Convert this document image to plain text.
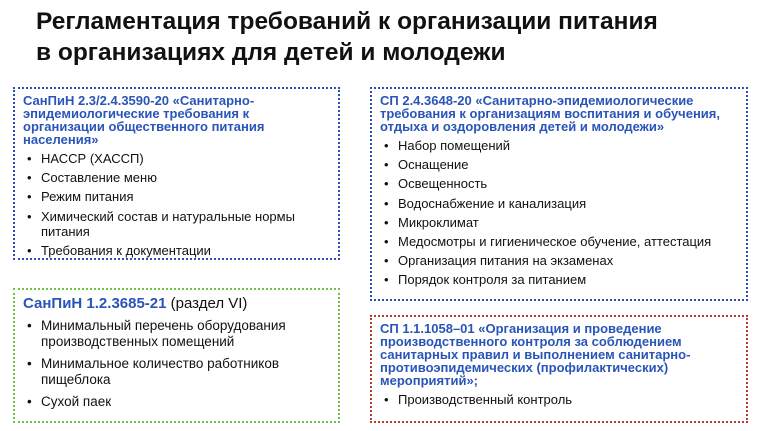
Регламентация требований к организации питания
в организациях для детей и молодежи
СанПиН 2.3/2.4.3590-20 «Санитарно-эпидемиологические требования к организации общественного питания населения»
• НАССР (ХАССП)
• Составление меню
• Режим питания
• Химический состав и натуральные нормы питания
• Требования к документации
СП 2.4.3648-20 «Санитарно-эпидемиологические требования к организациям воспитания и обучения, отдыха и оздоровления детей и молодежи»
• Набор помещений
• Оснащение
• Освещенность
• Водоснабжение и канализация
• Микроклимат
• Медосмотры и гигиеническое обучение, аттестация
• Организация питания на экзаменах
• Порядок контроля за питанием
СанПиН 1.2.3685-21 (раздел VI)
• Минимальный перечень оборудования производственных помещений
• Минимальное количество работников пищеблока
• Сухой паек
СП 1.1.1058–01 «Организация и проведение производственного контроля за соблюдением санитарных правил и выполнением санитарно-противоэпидемических (профилактических) мероприятий»;
• Производственный контроль
